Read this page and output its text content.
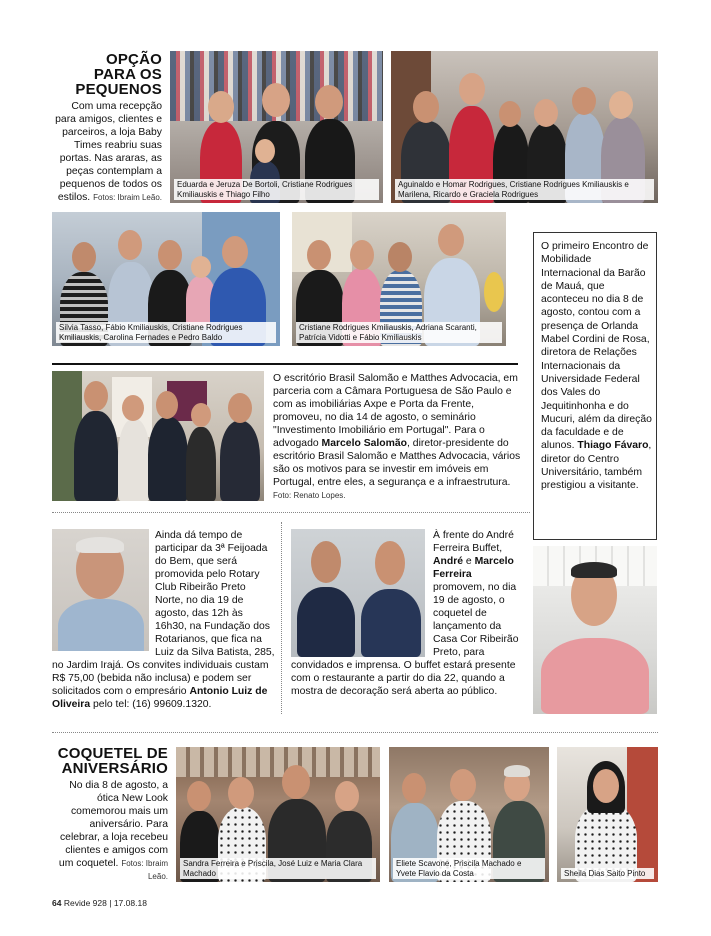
OPÇÃO
PARA OS
PEQUENOS
Com uma recepção para amigos, clientes e parceiros, a loja Baby Times reabriu suas portas. Nas araras, as peças contemplam a pequenos de todos os estilos. Fotos: Ibraim Leão.
Eduarda e Jeruza De Bortoli, Cristiane Rodrigues Kmiliauskis e Thiago Filho
Aguinaldo e Homar Rodrigues, Cristiane Rodrigues Kmiliauskis e Marilena, Ricardo e Graciela Rodrigues
Silvia Tasso, Fábio Kmiliauskis, Cristiane Rodrigues Kmiliauskis, Carolina Fernades e Pedro Baldo
Cristiane Rodrigues Kmiliauskis, Adriana Scaranti, Patrícia Vidotti e Fábio Kmiliauskis
O primeiro Encontro de Mobilidade Internacional da Barão de Mauá, que aconteceu no dia 8 de agosto, contou com a presença de Orlanda Mabel Cordini de Rosa, diretora de Relações Internacionais da Universidade Federal dos Vales do Jequitinhonha e do Mucuri, além da direção da faculdade e de alunos. Thiago Fávaro, diretor do Centro Universitário, também prestigiou a visitante.
O escritório Brasil Salomão e Matthes Advocacia, em parceria com a Câmara Portuguesa de São Paulo e com as imobiliárias Axpe e Porta da Frente, promoveu, no dia 14 de agosto, o seminário "Investimento Imobiliário em Portugal". Para o advogado Marcelo Salomão, diretor-presidente do escritório Brasil Salomão e Matthes Advocacia, vários são os motivos para se investir em imóveis em Portugal, entre eles, a segurança e a infraestrutura. Foto: Renato Lopes.
Ainda dá tempo de participar da 3ª Feijoada do Bem, que será promovida pelo Rotary Club Ribeirão Preto Norte, no dia 19 de agosto, das 12h às 16h30, na Fundação dos Rotarianos, que fica na Luiz da Silva Batista, 285, no Jardim Irajá. Os convites individuais custam R$ 75,00 (bebida não inclusa) e podem ser solicitados com o empresário Antonio Luiz de Oliveira pelo tel: (16) 99609.1320.
À frente do André Ferreira Buffet, André e Marcelo Ferreira promovem, no dia 19 de agosto, o coquetel de lançamento da Casa Cor Ribeirão Preto, para convidados e imprensa. O buffet estará presente com o restaurante a partir do dia 22, quando a mostra de decoração será aberta ao público.
COQUETEL DE
ANIVERSÁRIO
No dia 8 de agosto, a ótica New Look comemorou mais um aniversário. Para celebrar, a loja recebeu clientes e amigos com um coquetel. Fotos: Ibraim Leão.
Sandra Ferreira e Priscila, José Luiz e Maria Clara Machado
Eliete Scavone, Priscila Machado e Yvete Flavio da Costa	Sheila Dias Saito Pinto
64 Revide 928 | 17.08.18
